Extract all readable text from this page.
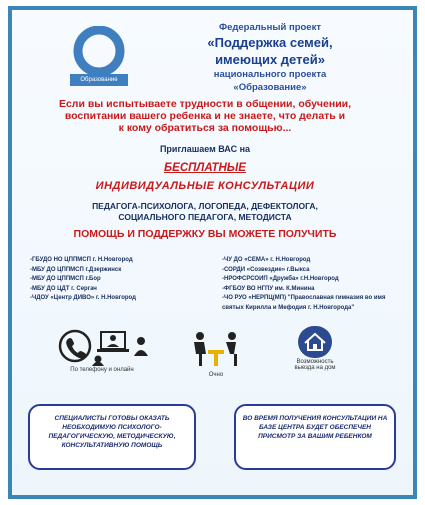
Образование
Федеральный проект
«Поддержка семей,
имеющих детей»
национального проекта
«Образование»
Если вы испытываете трудности в общении, обучении,
воспитании вашего ребенка и не знаете, что делать и
к кому обратиться за помощью...
Приглашаем ВАС на
БЕСПЛАТНЫЕ
ИНДИВИДУАЛЬНЫЕ КОНСУЛЬТАЦИИ
ПЕДАГОГА-ПСИХОЛОГА, ЛОГОПЕДА, ДЕФЕКТОЛОГА,
СОЦИАЛЬНОГО ПЕДАГОГА, МЕТОДИСТА
ПОМОЩЬ И ПОДДЕРЖКУ ВЫ МОЖЕТЕ ПОЛУЧИТЬ
-ГБУДО НО ЦППМСП г. Н.Новгород
-МБУ ДО ЦППМСП г.Дзержинск
-МБУ ДО ЦППМСП г.Бор
-МБУ ДО ЦДТ г. Сергач
-ЧДОУ «Центр ДИВО» г. Н.Новгород
-ЧУ ДО «СЕМА» г. Н.Новгород
-СОРДИ «Созвездие» г.Выкса
-НРОФСРСОИП «Дружба» г.Н.Новгород
-ФГБОУ ВО НГПУ им. К.Минина
-ЧО РУО «НЕРПЦ(МП) "Православная гимназия во имя святых Кирилла и Мефодия г. Н.Новгорода"
По телефону и онлайн
Очно
Возможность выезда на дом
СПЕЦИАЛИСТЫ ГОТОВЫ ОКАЗАТЬ НЕОБХОДИМУЮ ПСИХОЛОГО-ПЕДАГОГИЧЕСКУЮ, МЕТОДИЧЕСКУЮ, КОНСУЛЬТАТИВНУЮ ПОМОЩЬ
ВО ВРЕМЯ ПОЛУЧЕНИЯ КОНСУЛЬТАЦИИ НА БАЗЕ ЦЕНТРА БУДЕТ ОБЕСПЕЧЕН ПРИСМОТР ЗА ВАШИМ РЕБЕНКОМ
